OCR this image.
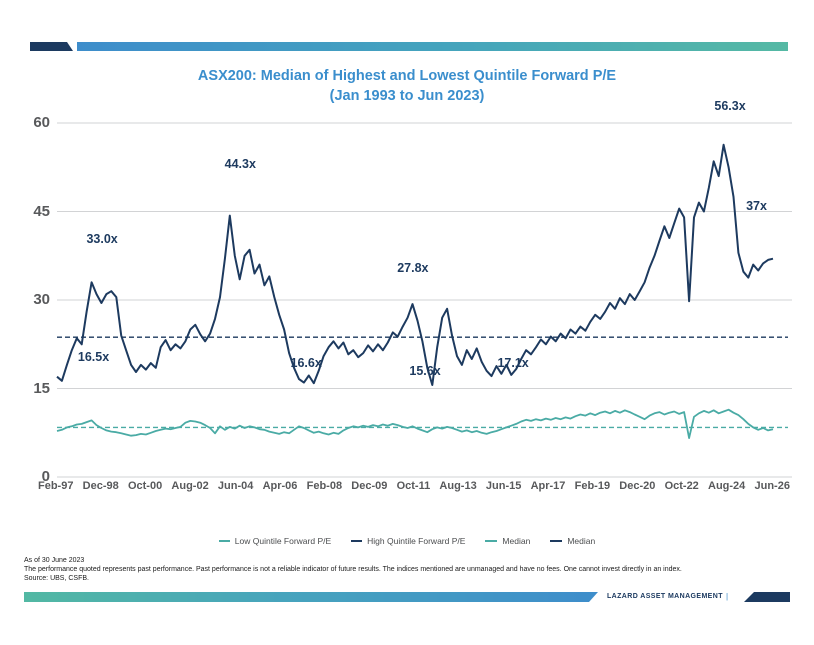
ASX200: Median of Highest and Lowest Quintile Forward P/E
(Jan 1993 to Jun 2023)
60
45
30
15
0
33.0x
44.3x
27.8x
56.3x
37x
16.5x	16.6x
15.6x
17.1x
Feb-97 Dec-98 Oct-00 Aug-02 Jun-04 Apr-06 Feb-08 Dec-09 Oct-11 Aug-13 Jun-15 Apr-17 Feb-19 Dec-20 Oct-22 Aug-24 Jun-26
Low Quintile Forward P/E	High Quintile Forward P/E	Median	Median
As of 30 June 2023
The performance quoted represents past performance. Past performance is not a reliable indicator of future results. The indices mentioned are unmanaged and have no fees. One cannot invest directly in an index.
Source: UBS, CSFB.
LAZARD ASSET MANAGEMENT |
